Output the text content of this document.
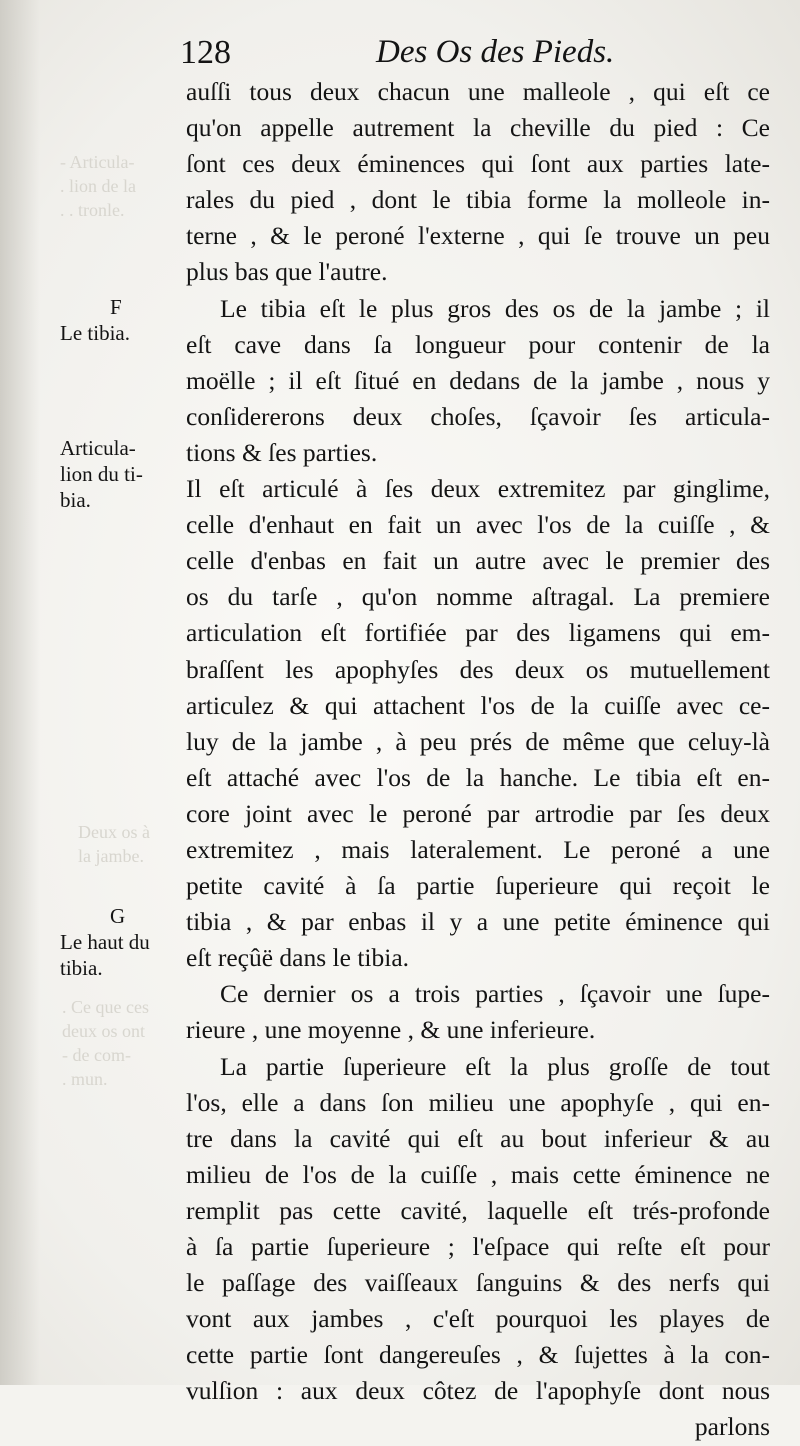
- Articula-
. lion de la
. . tronle.
Deux os à
la jambe.
. Ce que ces
deux os ont
- de com-
. mun.
128	Des Os des Pieds.
F
Le tibia.
Articula-
lion du ti-
bia.
G
Le haut du
tibia.
auſſi tous deux chacun une malleole , qui eſt ce
qu'on appelle autrement la cheville du pied : Ce
ſont ces deux éminences qui ſont aux parties late-
rales du pied , dont le tibia forme la molleole in-
terne , & le peroné l'externe , qui ſe trouve un peu
plus bas que l'autre.
Le tibia eſt le plus gros des os de la jambe ; il
eſt cave dans ſa longueur pour contenir de la
moëlle ; il eſt ſitué en dedans de la jambe , nous y
conſidererons deux choſes, ſçavoir ſes articula-
tions & ſes parties.
Il eſt articulé à ſes deux extremitez par ginglime,
celle d'enhaut en fait un avec l'os de la cuiſſe , &
celle d'enbas en fait un autre avec le premier des
os du tarſe , qu'on nomme aſtragal. La premiere
articulation eſt fortifiée par des ligamens qui em-
braſſent les apophyſes des deux os mutuellement
articulez & qui attachent l'os de la cuiſſe avec ce-
luy de la jambe , à peu prés de même que celuy-là
eſt attaché avec l'os de la hanche. Le tibia eſt en-
core joint avec le peroné par artrodie par ſes deux
extremitez , mais lateralement. Le peroné a une
petite cavité à ſa partie ſuperieure qui reçoit le
tibia , & par enbas il y a une petite éminence qui
eſt reçûë dans le tibia.
Ce dernier os a trois parties , ſçavoir une ſupe-
rieure , une moyenne , & une inferieure.
La partie ſuperieure eſt la plus groſſe de tout
l'os, elle a dans ſon milieu une apophyſe , qui en-
tre dans la cavité qui eſt au bout inferieur & au
milieu de l'os de la cuiſſe , mais cette éminence ne
remplit pas cette cavité, laquelle eſt trés-profonde
à ſa partie ſuperieure ; l'eſpace qui reſte eſt pour
le paſſage des vaiſſeaux ſanguins & des nerfs qui
vont aux jambes , c'eſt pourquoi les playes de
cette partie ſont dangereuſes , & ſujettes à la con-
vulſion : aux deux côtez de l'apophyſe dont nous
parlons
